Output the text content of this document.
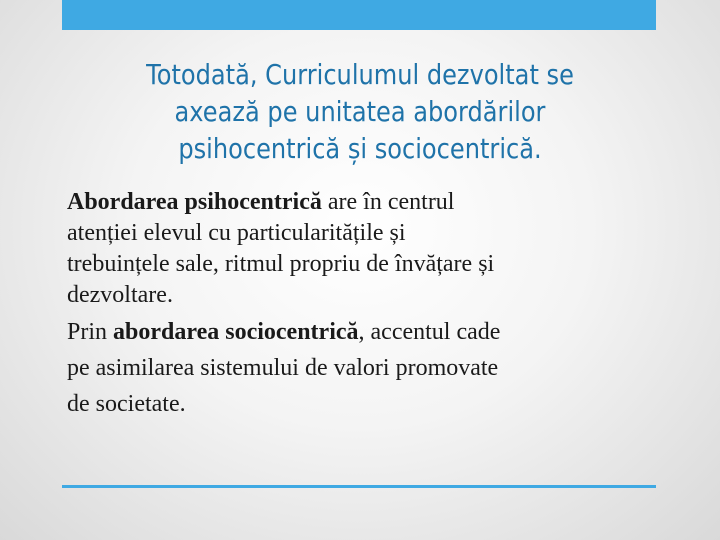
Totodată, Curriculumul dezvoltat se
axează pe unitatea abordărilor
psihocentrică și sociocentrică.

Abordarea psihocentrică are în centrul
atenției elevul cu particularitățile și
trebuințele sale, ritmul propriu de învățare și
dezvoltare.

Prin abordarea sociocentrică, accentul cade
pe asimilarea sistemului de valori promovate
de societate.
